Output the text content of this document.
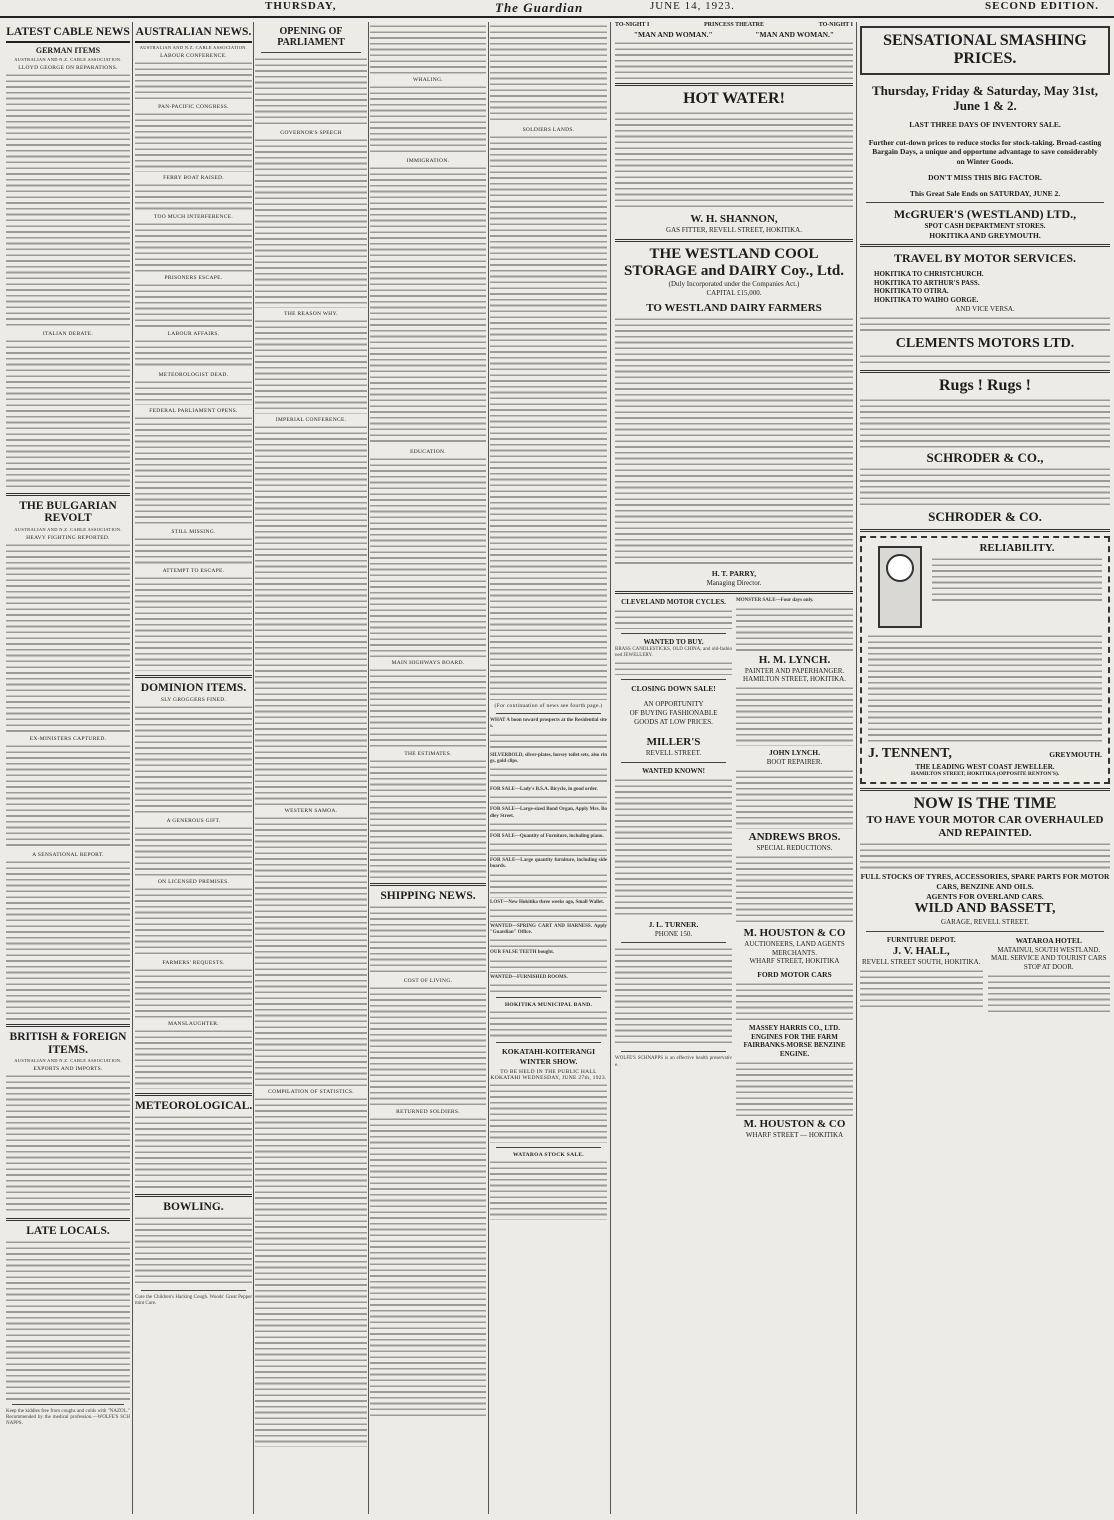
THURSDAY,	The Guardian	JUNE 14, 1923.	SECOND EDITION.
LATEST CABLE NEWS
GERMAN ITEMS
AUSTRALIAN AND N.Z. CABLE ASSOCIATION.
LLOYD GEORGE ON REPARATIONS.
ITALIAN DEBATE.
THE BULGARIAN REVOLT
AUSTRALIAN AND N.Z. CABLE ASSOCIATION.
HEAVY FIGHTING REPORTED.
EX-MINISTERS CAPTURED.
A SENSATIONAL REPORT.
BRITISH & FOREIGN ITEMS.
AUSTRALIAN AND N.Z. CABLE ASSOCIATION.
EXPORTS AND IMPORTS.
LATE LOCALS.

Keep the kiddies free from coughs and colds with "NAZOL." Recommended by the medical profession.—WOLFE'S SCHNAPPS.

AUSTRALIAN NEWS.
AUSTRALIAN AND N.Z. CABLE ASSOCIATION.
LABOUR CONFERENCE.
PAN-PACIFIC CONGRESS.
FERRY BOAT RAISED.
TOO MUCH INTERFERENCE.
PRISONERS ESCAPE.
LABOUR AFFAIRS.
METEOROLOGIST DEAD.
FEDERAL PARLIAMENT OPENS.
STILL MISSING.
ATTEMPT TO ESCAPE.
DOMINION ITEMS.
SLY GROGGERS FINED.
A GENEROUS GIFT.
ON LICENSED PREMISES.
FARMERS' REQUESTS.
MANSLAUGHTER.
METEOROLOGICAL.
BOWLING.

Cure the Children's Hacking Cough. Woods' Great Peppermint Cure.

OPENING OF PARLIAMENT
GOVERNOR'S SPEECH
THE REASON WHY.
IMPERIAL CONFERENCE.
WESTERN SAMOA.
COMPILATION OF STATISTICS.
WHALING.
IMMIGRATION.
EDUCATION.
MAIN HIGHWAYS BOARD.
THE ESTIMATES.
SHIPPING NEWS.
COST OF LIVING.
RETURNED SOLDIERS.
SOLDIERS LANDS.
(For continuation of news see fourth page.)

WHAT A boon toward prospects at the Residential sites.

SILVERBOLD, silver-plates, horsey toilet sets, also rings, gold clips.

FOR SALE—Lady's B.S.A. Bicycle, in good order.

FOR SALE—Large-sized Bond Organ, Apply Mrs. Bodley Street.

FOR SALE—Quantity of Furniture, including piano.

FOR SALE—Large quantity furniture, including sideboards.

LOST—New Hokitika three weeks ago, Small Wallet.

WANTED—SPRING CART AND HARNESS. Apply "Guardian" Office.

OUR FALSE TEETH bought.

WANTED—FURNISHED ROOMS.

HOKITIKA MUNICIPAL BAND.
KOKATAHI-KOITERANGI WINTER SHOW.
TO BE HELD IN THE PUBLIC HALL KOKATAHI WEDNESDAY, JUNE 27th, 1923.
WATAROA STOCK SALE.
TO-NIGHT I	PRINCESS THEATRE	TO-NIGHT I
"MAN AND WOMAN."	"MAN AND WOMAN."
HOT WATER!
W. H. SHANNON,
GAS FITTER, REVELL STREET, HOKITIKA.
THE WESTLAND COOL STORAGE and DAIRY Coy., Ltd.
(Duly Incorporated under the Companies Act.)
CAPITAL £15,000.
TO WESTLAND DAIRY FARMERS
H. T. PARRY,
Managing Director.
CLEVELAND MOTOR CYCLES.
WANTED TO BUY.

BRASS CANDLESTICKS, OLD CHINA, and old-fashioned JEWELLERY.

CLOSING DOWN SALE!
AN OPPORTUNITY
OF BUYING FASHIONABLE
GOODS AT LOW PRICES.
MILLER'S
REVELL STREET.
WANTED KNOWN!
J. L. TURNER.
PHONE 150.

WOLFE'S SCHNAPPS is an effective health preservative.

MONSTER SALE—Four days only.

H. M. LYNCH.
PAINTER AND PAPERHANGER.
HAMILTON STREET, HOKITIKA.
JOHN LYNCH.
BOOT REPAIRER.
ANDREWS BROS.
SPECIAL REDUCTIONS.
M. HOUSTON & CO
AUCTIONEERS, LAND AGENTS MERCHANTS.
WHARF STREET, HOKITIKA
FORD MOTOR CARS
MASSEY HARRIS CO., LTD.
ENGINES FOR THE FARM
FAIRBANKS-MORSE BENZINE ENGINE.
M. HOUSTON & CO
WHARF STREET — HOKITIKA
SENSATIONAL SMASHING PRICES.
Thursday, Friday & Saturday, May 31st, June 1 & 2.
LAST THREE DAYS OF INVENTORY SALE.
Further cut-down prices to reduce stocks for stock-taking. Broad-casting Bargain Days, a unique and opportune advantage to save considerably on Winter Goods.
DON'T MISS THIS BIG FACTOR.
This Great Sale Ends on SATURDAY, JUNE 2.
McGRUER'S (WESTLAND) LTD.,
SPOT CASH DEPARTMENT STORES.
HOKITIKA AND GREYMOUTH.
TRAVEL BY MOTOR SERVICES.
HOKITIKA TO CHRISTCHURCH.
HOKITIKA TO ARTHUR'S PASS.
HOKITIKA TO OTIRA.
HOKITIKA TO WAIHO GORGE.
AND VICE VERSA.
CLEMENTS MOTORS LTD.
Rugs ! Rugs !
SCHRODER & CO.,
SCHRODER & CO.
RELIABILITY.
J. TENNENT,	GREYMOUTH.
THE LEADING WEST COAST JEWELLER.
HAMILTON STREET, HOKITIKA (OPPOSITE RENTON'S).
NOW IS THE TIME
TO HAVE YOUR MOTOR CAR OVERHAULED AND REPAINTED.
FULL STOCKS OF TYRES, ACCESSORIES, SPARE PARTS FOR MOTOR CARS, BENZINE AND OILS.
AGENTS FOR OVERLAND CARS.
WILD AND BASSETT,
GARAGE, REVELL STREET.
FURNITURE DEPOT.
J. V. HALL,
REVELL STREET SOUTH, HOKITIKA.
WATAROA HOTEL
MATAINUI, SOUTH WESTLAND.
MAIL SERVICE AND TOURIST CARS STOP AT DOOR.
